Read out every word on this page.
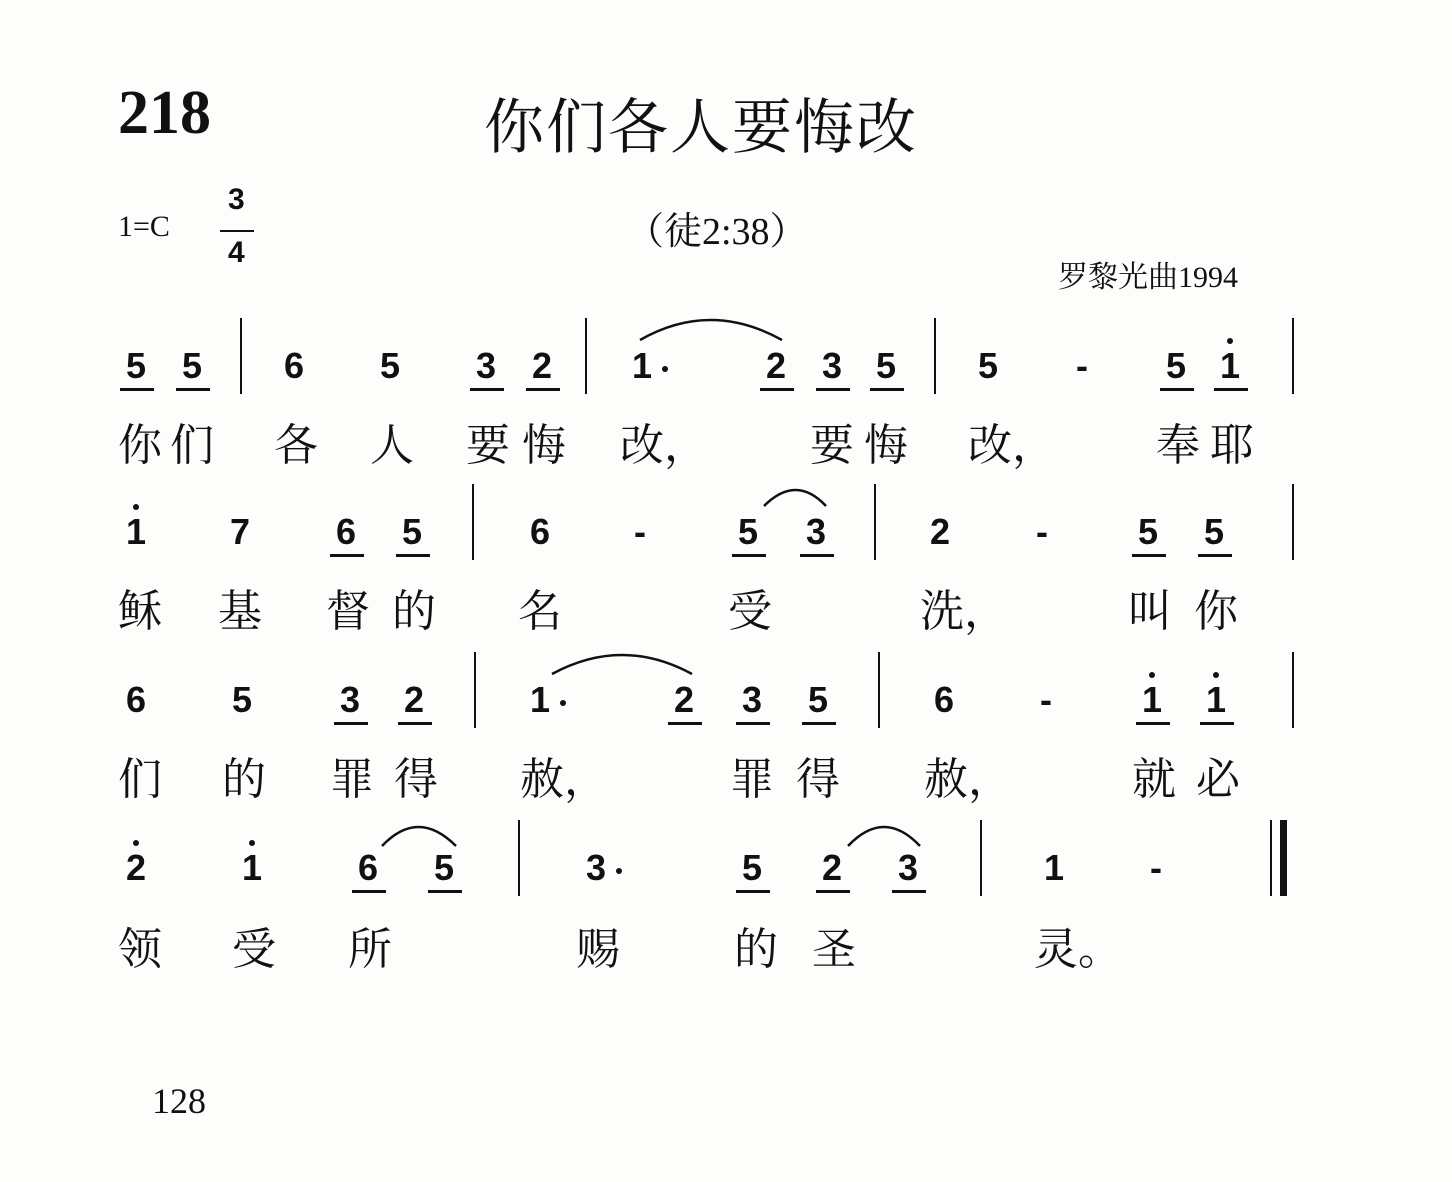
218	你们各人要悔改
1=C
3
4	（徒2:38）
罗黎光曲1994
5 5 6 5 3 2 1	2 3 5 5 - 5 1
你 们 各 人 要 悔 改， 要 悔 改， 奉 耶
1 7 6 5	6 -	5 3	2 -	5 5
稣 基 督 的 名	受	洗，	叫 你
6 5 3 2	1	2 3 5	6 -	1 1
们 的 罪 得 赦，	罪 得 赦，	就 必
2	1	6 5	3	5 2 3	1 -
领 受 所	赐	的 圣	灵。
128
